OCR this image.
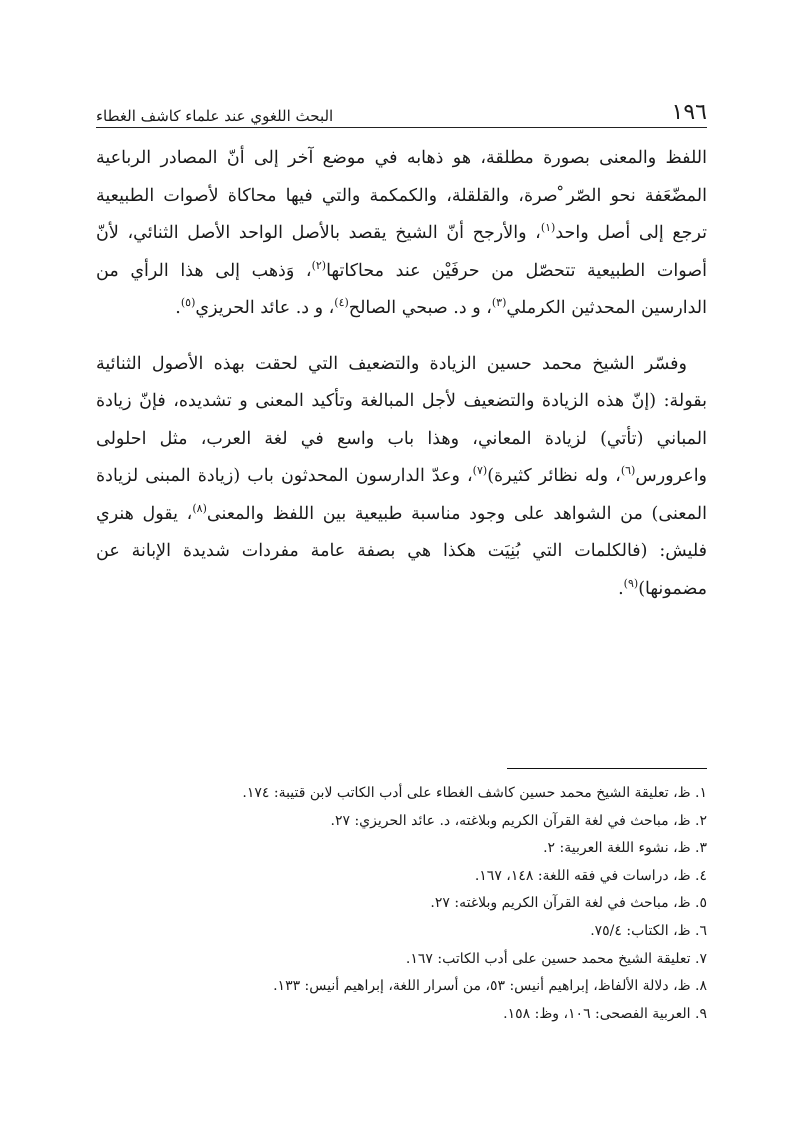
١٩٦
البحث اللغوي عند علماء كاشف الغطاء

اللفظ والمعنى بصورة مطلقة، هو ذهابه في موضع آخر إلى أنّ المصادر الرباعية المضّعَفة نحو الصّر ْصرة، والقلقلة، والكمكمة والتي فيها محاكاة لأصوات الطبيعية ترجع إلى أصل واحد$^{(١)}$، والأرجح أنّ الشيخ يقصد بالأصل الواحد الأصل الثنائي، لأنّ أصوات الطبيعية تتحصّل من حرفَيْن عند محاكاتها$^{(٢)}$، وَذهب إلى هذا الرأي من الدارسين المحدثين الكرملي$^{(٣)}$، و د. صبحي الصالح$^{(٤)}$، و د. عائد الحريزي$^{(٥)}$.

وفسّر الشيخ محمد حسين الزيادة والتضعيف التي لحقت بهذه الأصول الثنائية بقولة: (إنّ هذه الزيادة والتضعيف لأجل المبالغة وتأكيد المعنى و تشديده، فإنّ زيادة المباني (تأتي) لزيادة المعاني، وهذا باب واسع في لغة العرب، مثل احلولى واعرورس$^{(٦)}$، وله نظائر كثيرة)$^{(٧)}$، وعدّ الدارسون المحدثون باب (زيادة المبنى لزيادة المعنى) من الشواهد على وجود مناسبة طبيعية بين اللفظ والمعنى$^{(٨)}$، يقول هنري فليش: (فالكلمات التي بُنِيَت هكذا هي بصفة عامة مفردات شديدة الإبانة عن مضمونها)$^{(٩)}$.

١. ظ، تعليقة الشيخ محمد حسين كاشف الغطاء على أدب الكاتب لابن قتيبة: ١٧٤.

٢. ظ، مباحث في لغة القرآن الكريم وبلاغته، د. عائد الحريزي: ٢٧.

٣. ظ، نشوء اللغة العربية: ٢.

٤. ظ، دراسات في فقه اللغة: ١٤٨، ١٦٧.

٥. ظ، مباحث في لغة القرآن الكريم وبلاغته: ٢٧.

٦. ظ، الكتاب: ٧٥/٤.

٧. تعليقة الشيخ محمد حسين على أدب الكاتب: ١٦٧.

٨. ظ، دلالة الألفاظ، إبراهيم أنيس: ٥٣، من أسرار اللغة، إبراهيم أنيس: ١٣٣.

٩. العربية الفصحى: ١٠٦، وظ: ١٥٨.
